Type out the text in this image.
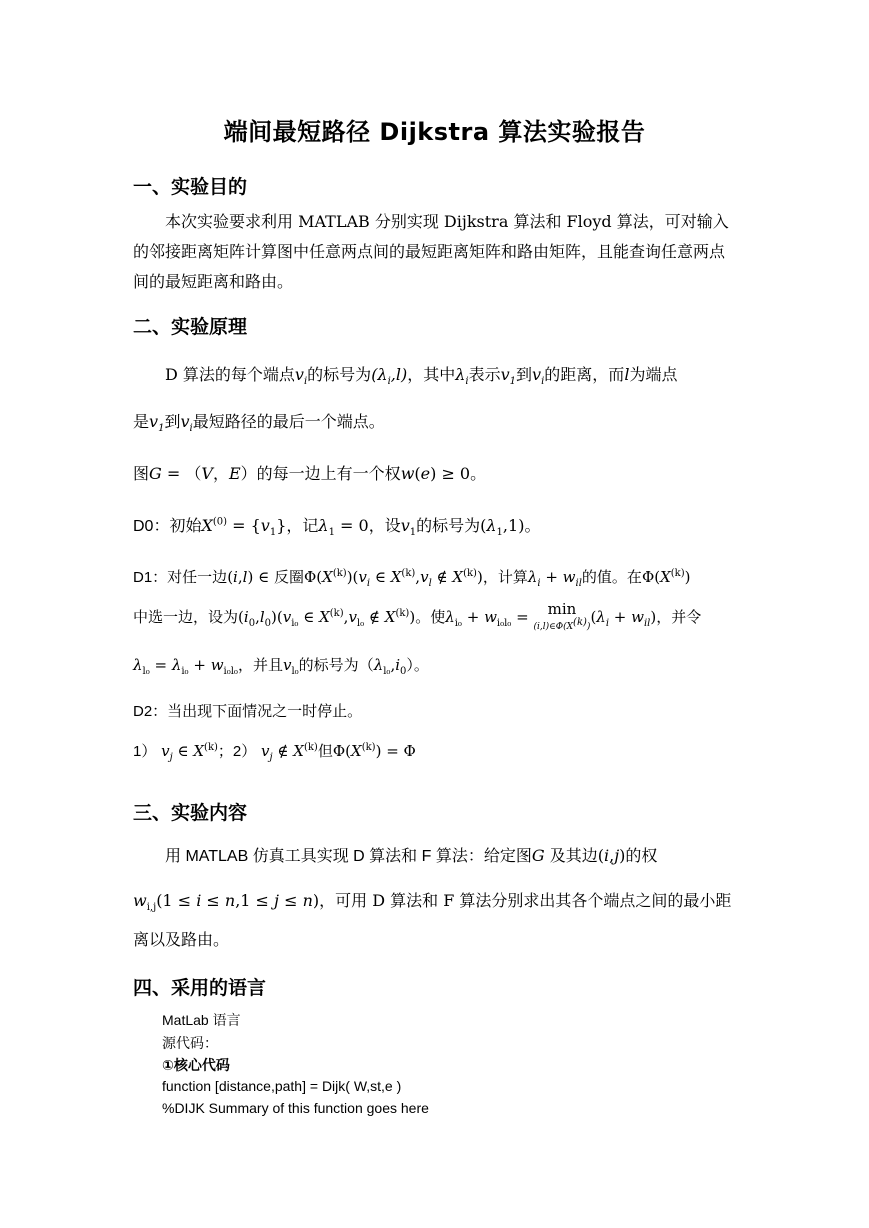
端间最短路径 Dijkstra 算法实验报告
一、实验目的
本次实验要求利用 MATLAB 分别实现 Dijkstra 算法和 Floyd 算法，可对输入的邻接距离矩阵计算图中任意两点间的最短距离矩阵和路由矩阵，且能查询任意两点间的最短距离和路由。
二、实验原理
D 算法的每个端点$v_i$的标号为$(\lambda_i,l)$，其中$\lambda_i$表示$v_1$到$v_i$的距离，而l为端点
是$v_1$到$v_i$最短路径的最后一个端点。
图G = （V，E）的每一边上有一个权w(e) ≥ 0。
D0：初始$X^{(0)} = \{v_1\}$，记$\lambda_1 = 0$，设$v_1$的标号为$(\lambda_1,1)$。
D1：对任一边(i,l) ∈ 反圈$\Phi(X^{(k)})(v_i$ ∈ $X^{(k)},v_l$ ∉ $X^{(k)}$)，计算$\lambda_i + w_{il}$的值。在$\Phi(X^{(k)})$
中选一边，设为$(i_0,l_0)(v_{i_0}$ ∈ $X^{(k)},v_{l_0}$ ∉ $X^{(k)}$)。使$\lambda_{i_0} + w_{i_0l_0} = \min$
$(i,l)\in\Phi(X^{(k)})$
$(\lambda_i + w_{il})$，并令
$\lambda_{l_0} = \lambda_{i_0} + w_{i_0l_0}$，并且$v_{l_0}$的标号为$(\lambda_{l_0},i_0)$。
D2：当出现下面情况之一时停止。
1） $v_j$ ∈ $X^{(k)}$；2） $v_j$ ∉ $X^{(k)}$但$\Phi(X^{(k)}) = \Phi$
三、实验内容
用 MATLAB 仿真工具实现 D 算法和 F 算法：给定图G 及其边(i,j)的权
$w_{i,j}(1 \le i \le n,1 \le j \le n)$，可用 D 算法和 F 算法分别求出其各个端点之间的最小距
离以及路由。
四、采用的语言
MatLab 语言
源代码：
①核心代码
function [distance,path] = Dijk( W,st,e )
%DIJK Summary of this function goes here
